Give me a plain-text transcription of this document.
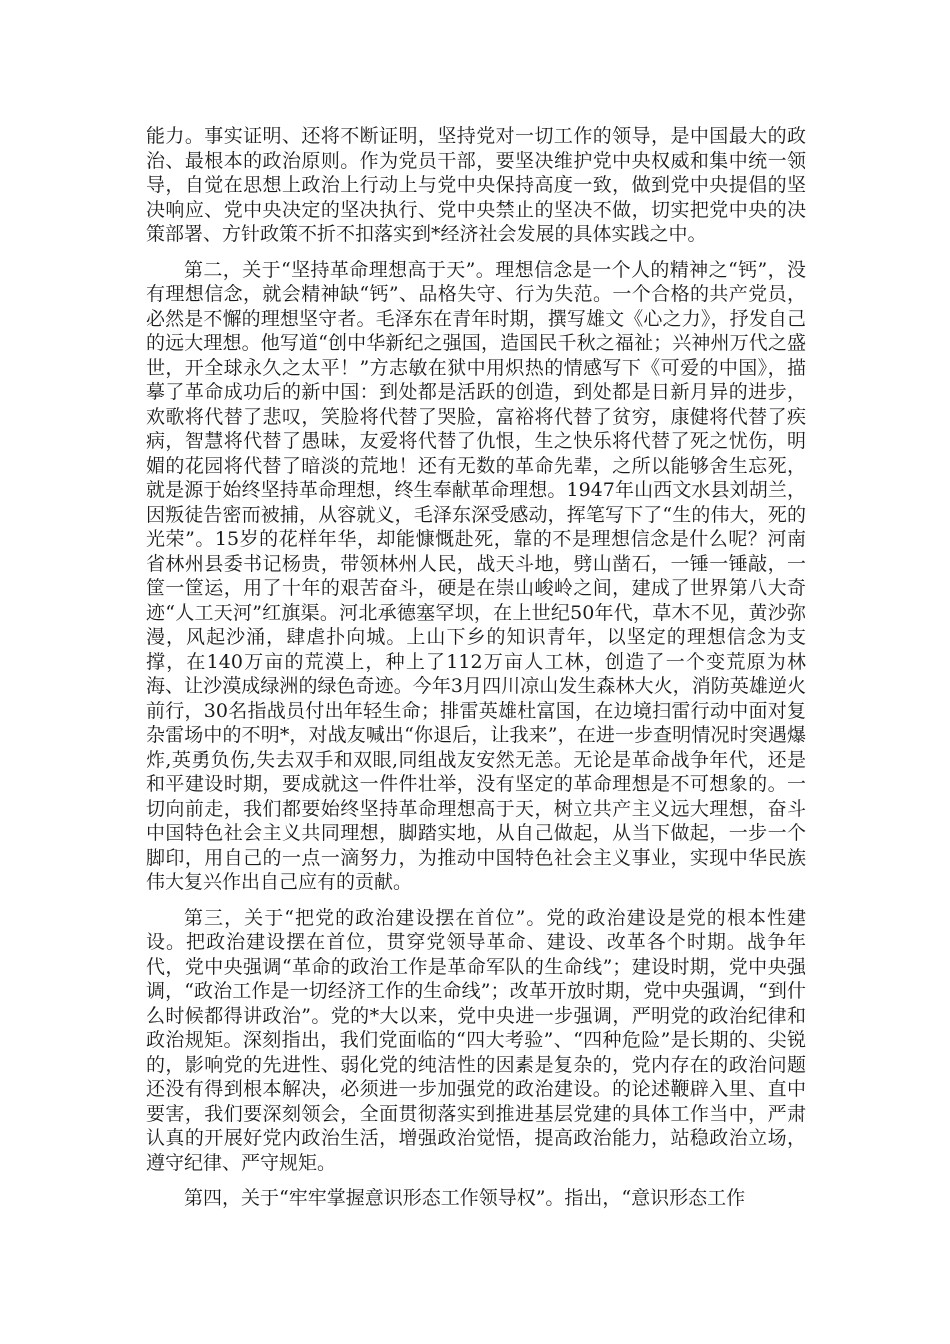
能力。事实证明、还将不断证明，坚持党对一切工作的领导，是中国最大的政治、最根本的政治原则。作为党员干部，要坚决维护党中央权威和集中统一领导，自觉在思想上政治上行动上与党中央保持高度一致，做到党中央提倡的坚决响应、党中央决定的坚决执行、党中央禁止的坚决不做，切实把党中央的决策部署、方针政策不折不扣落实到*经济社会发展的具体实践之中。

第二，关于“坚持革命理想高于天”。理想信念是一个人的精神之“钙”，没有理想信念，就会精神缺“钙”、品格失守、行为失范。一个合格的共产党员，必然是不懈的理想坚守者。毛泽东在青年时期，撰写雄文《心之力》，抒发自己的远大理想。他写道“创中华新纪之强国，造国民千秋之福祉；兴神州万代之盛世，开全球永久之太平！”方志敏在狱中用炽热的情感写下《可爱的中国》，描摹了革命成功后的新中国：到处都是活跃的创造，到处都是日新月异的进步，欢歌将代替了悲叹，笑脸将代替了哭脸，富裕将代替了贫穷，康健将代替了疾病，智慧将代替了愚昧，友爱将代替了仇恨，生之快乐将代替了死之忧伤，明媚的花园将代替了暗淡的荒地！还有无数的革命先辈，之所以能够舍生忘死，就是源于始终坚持革命理想，终生奉献革命理想。1947年山西文水县刘胡兰，因叛徒告密而被捕，从容就义，毛泽东深受感动，挥笔写下了“生的伟大，死的光荣”。15岁的花样年华，却能慷慨赴死，靠的不是理想信念是什么呢？河南省林州县委书记杨贵，带领林州人民，战天斗地，劈山凿石，一锤一锤敲，一筐一筐运，用了十年的艰苦奋斗，硬是在崇山峻岭之间，建成了世界第八大奇迹“人工天河”红旗渠。河北承德塞罕坝，在上世纪50年代，草木不见，黄沙弥漫，风起沙涌，肆虐扑向城。上山下乡的知识青年，以坚定的理想信念为支撑，在140万亩的荒漠上，种上了112万亩人工林，创造了一个变荒原为林海、让沙漠成绿洲的绿色奇迹。今年3月四川凉山发生森林大火，消防英雄逆火前行，30名指战员付出年轻生命；排雷英雄杜富国，在边境扫雷行动中面对复杂雷场中的不明*，对战友喊出“你退后，让我来”，在进一步查明情况时突遇爆炸,英勇负伤,失去双手和双眼,同组战友安然无恙。无论是革命战争年代，还是和平建设时期，要成就这一件件壮举，没有坚定的革命理想是不可想象的。一切向前走，我们都要始终坚持革命理想高于天，树立共产主义远大理想，奋斗中国特色社会主义共同理想，脚踏实地，从自己做起，从当下做起，一步一个脚印，用自己的一点一滴努力，为推动中国特色社会主义事业，实现中华民族伟大复兴作出自己应有的贡献。

第三，关于“把党的政治建设摆在首位”。党的政治建设是党的根本性建设。把政治建设摆在首位，贯穿党领导革命、建设、改革各个时期。战争年代，党中央强调“革命的政治工作是革命军队的生命线”；建设时期，党中央强调，“政治工作是一切经济工作的生命线”；改革开放时期，党中央强调，“到什么时候都得讲政治”。党的*大以来，党中央进一步强调，严明党的政治纪律和政治规矩。深刻指出，我们党面临的“四大考验”、“四种危险”是长期的、尖锐的，影响党的先进性、弱化党的纯洁性的因素是复杂的，党内存在的政治问题还没有得到根本解决，必须进一步加强党的政治建设。的论述鞭辟入里、直中要害，我们要深刻领会，全面贯彻落实到推进基层党建的具体工作当中，严肃认真的开展好党内政治生活，增强政治觉悟，提高政治能力，站稳政治立场，遵守纪律、严守规矩。

第四，关于“牢牢掌握意识形态工作领导权”。指出，“意识形态工作
